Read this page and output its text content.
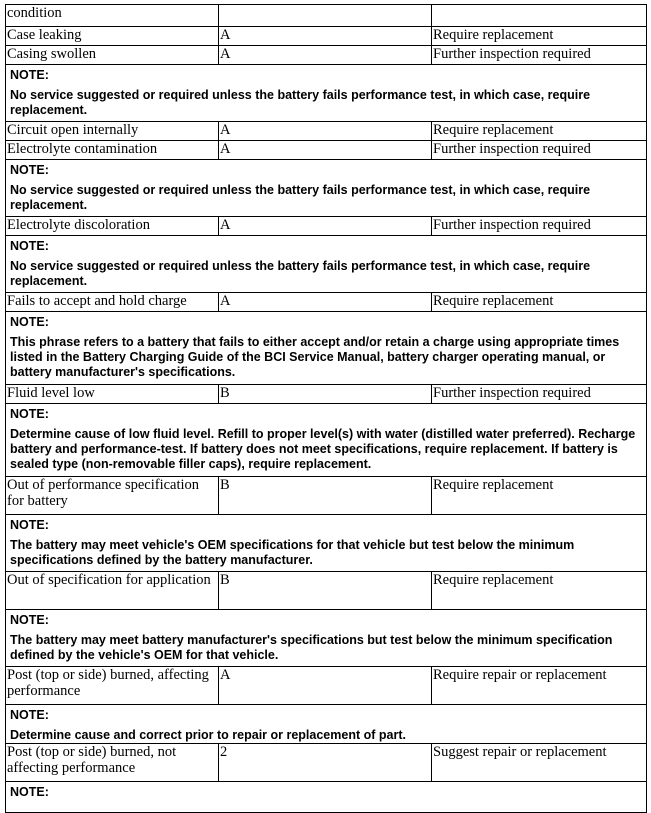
condition		
Case leaking	A	Require replacement
Casing swollen	A	Further inspection required

NOTE:
No service suggested or required unless the battery fails performance test, in which case, require replacement.		

Circuit open internally	A	Require replacement
Electrolyte contamination	A	Further inspection required

NOTE:
No service suggested or required unless the battery fails performance test, in which case, require replacement.		

Electrolyte discoloration	A	Further inspection required

NOTE:
No service suggested or required unless the battery fails performance test, in which case, require replacement.		

Fails to accept and hold charge	A	Require replacement

NOTE:
This phrase refers to a battery that fails to either accept and/or retain a charge using appropriate times listed in the Battery Charging Guide of the BCI Service Manual, battery charger operating manual, or battery manufacturer's specifications.		

Fluid level low	B	Further inspection required

NOTE:
Determine cause of low fluid level. Refill to proper level(s) with water (distilled water preferred). Recharge battery and performance-test. If battery does not meet specifications, require replacement. If battery is sealed type (non-removable filler caps), require replacement.		

Out of performance specification for battery	B	Require replacement

NOTE:
The battery may meet vehicle's OEM specifications for that vehicle but test below the minimum specifications defined by the battery manufacturer.		

Out of specification for application	B	Require replacement

NOTE:
The battery may meet battery manufacturer's specifications but test below the minimum specification defined by the vehicle's OEM for that vehicle.		

Post (top or side) burned, affecting performance	A	Require repair or replacement

NOTE:
Determine cause and correct prior to repair or replacement of part.		

Post (top or side) burned, not affecting performance	2	Suggest repair or replacement

NOTE:		
